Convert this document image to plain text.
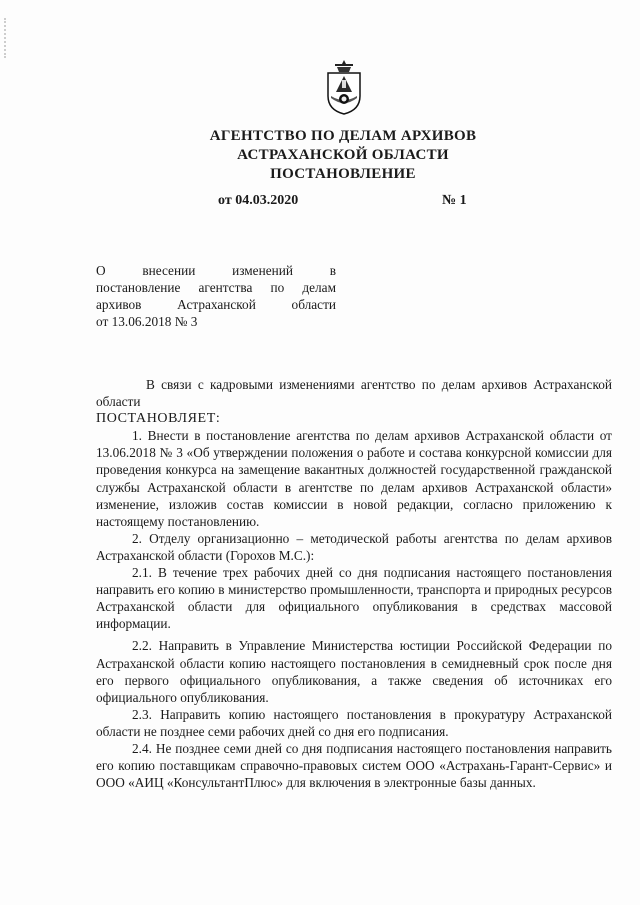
АГЕНТСТВО ПО ДЕЛАМ АРХИВОВ
АСТРАХАНСКОЙ ОБЛАСТИ
ПОСТАНОВЛЕНИЕ
от 04.03.2020	№ 1

О внесении изменений в

постановление агентства по делам

архивов Астраханской области

от 13.06.2018 № 3

В связи с кадровыми изменениями агентство по делам архивов Астраханской области

ПОСТАНОВЛЯЕТ:

1. Внести в постановление агентства по делам архивов Астраханской области от 13.06.2018 № 3 «Об утверждении положения о работе и состава конкурсной комиссии для проведения конкурса на замещение вакантных должностей государственной гражданской службы Астраханской области в агентстве по делам архивов Астраханской области» изменение, изложив состав комиссии в новой редакции, согласно приложению к настоящему постановлению.

2. Отделу организационно – методической работы агентства по делам архивов Астраханской области (Горохов М.С.):

2.1. В течение трех рабочих дней со дня подписания настоящего постановления направить его копию в министерство промышленности, транспорта и природных ресурсов Астраханской области для официального опубликования в средствах массовой информации.

2.2. Направить в Управление Министерства юстиции Российской Федерации по Астраханской области копию настоящего постановления в семидневный срок после дня его первого официального опубликования, а также сведения об источниках его официального опубликования.

2.3. Направить копию настоящего постановления в прокуратуру Астраханской области не позднее семи рабочих дней со дня его подписания.

2.4. Не позднее семи дней со дня подписания настоящего постановления направить его копию поставщикам справочно-правовых систем ООО «Астрахань-Гарант-Сервис» и ООО «АИЦ «КонсультантПлюс» для включения в электронные базы данных.
